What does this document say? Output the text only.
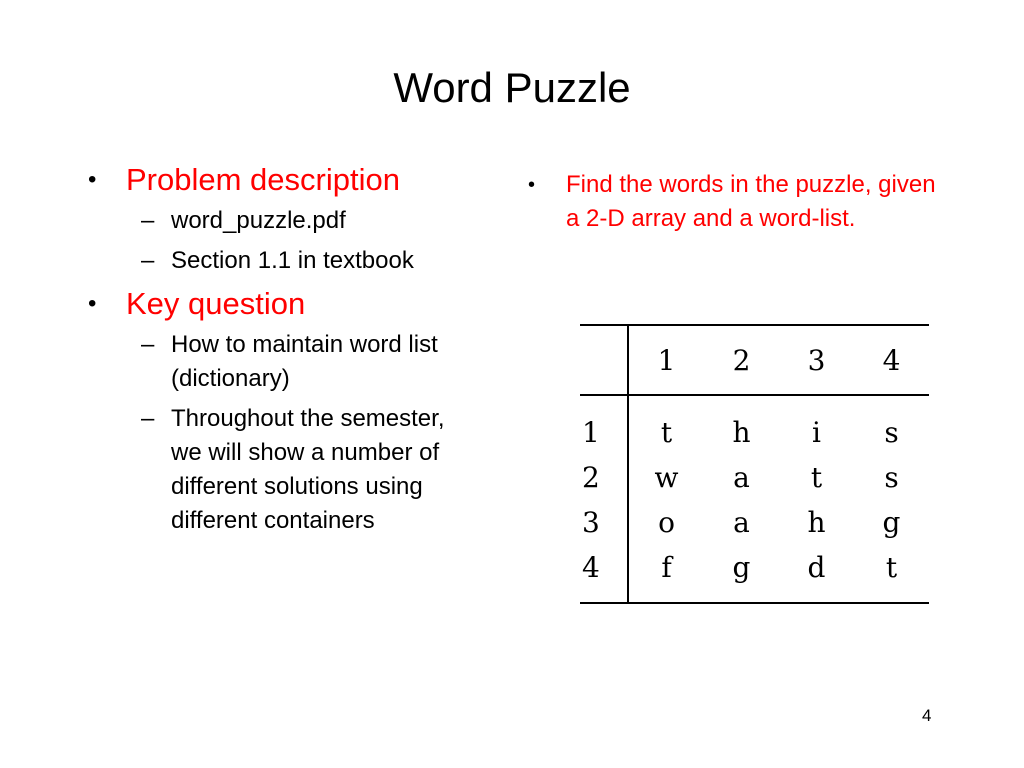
Word Puzzle
• Problem description
– word_puzzle.pdf
– Section 1.1 in textbook
• Key question
– How to maintain word list (dictionary)
– Throughout the semester, we will show a number of different solutions using different containers
• Find the words in the puzzle, given a 2-D array and a word-list.
	1	2	3	4
1	t	h	i	s
2	w	a	t	s
3	o	a	h	g
4	f	g	d	t
4
